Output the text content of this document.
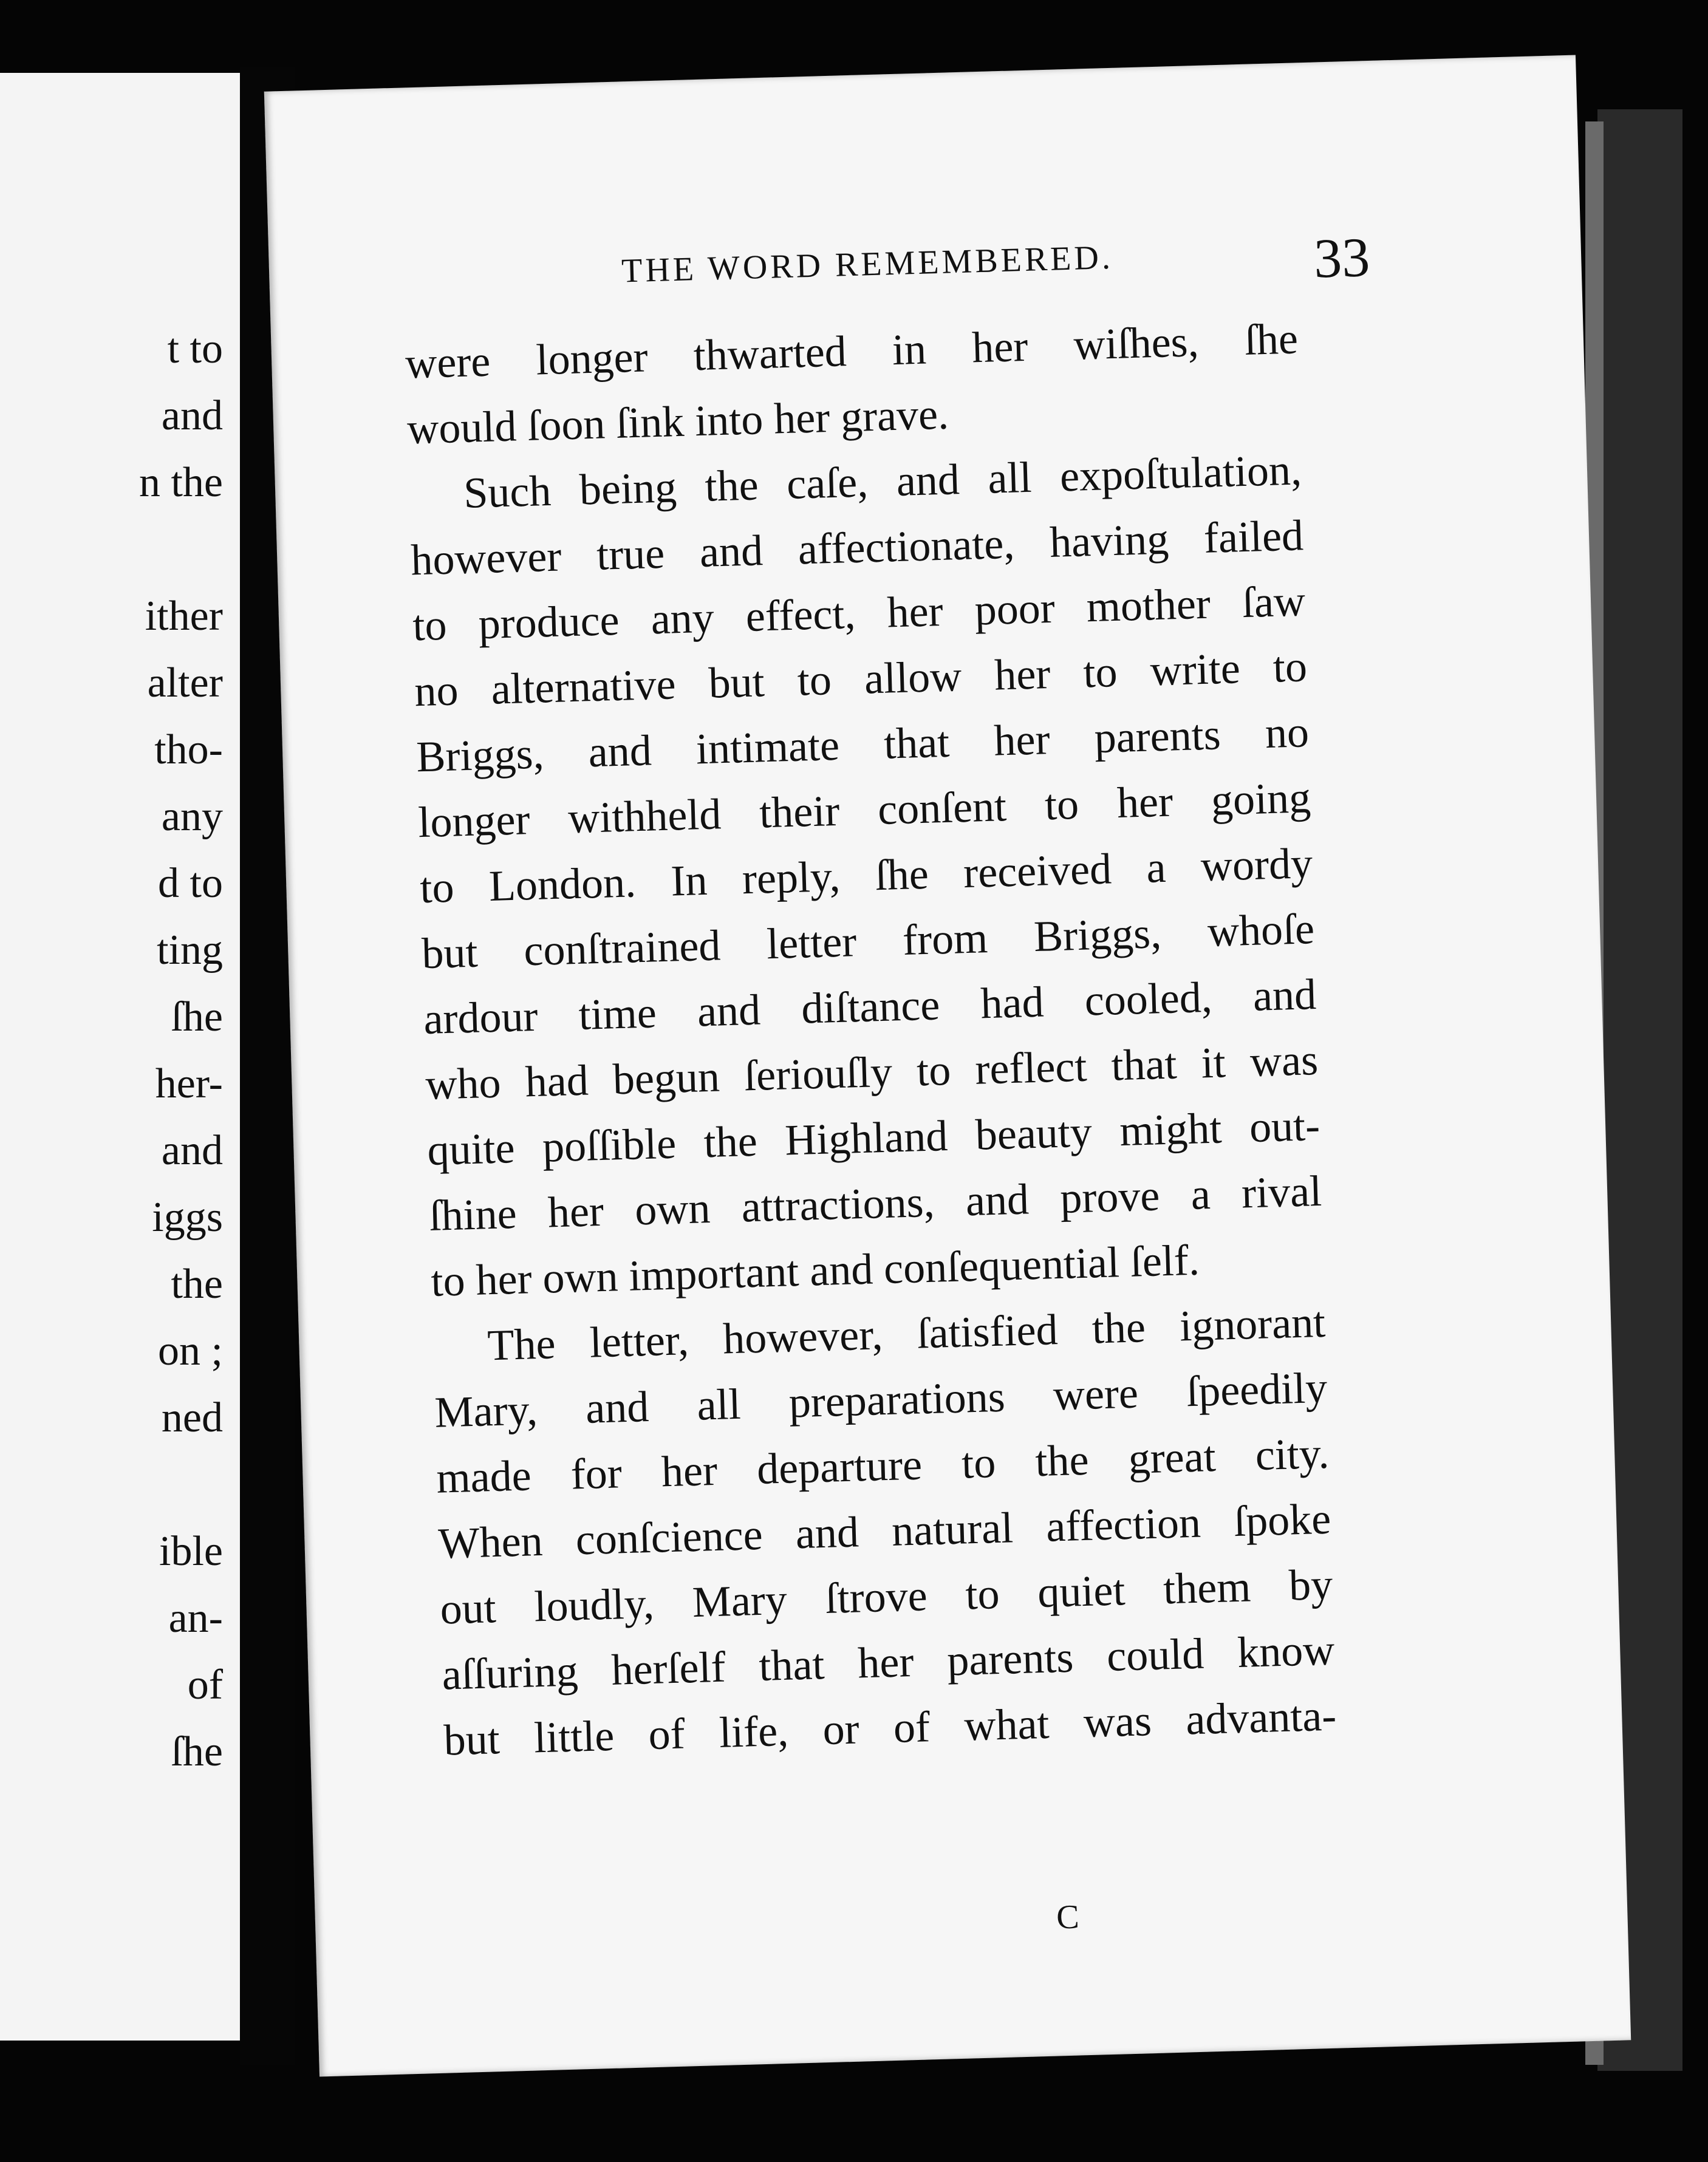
t to
and
n the
ither
alter
tho-
any
d to
ting
ſhe
her-
and
iggs
the
on ;
ned
ible
an-
of
ſhe
THE WORD REMEMBERED.	33
were longer thwarted in her wiſhes, ſhe
would ſoon ſink into her grave.
Such being the caſe, and all expoſtulation,
however true and affectionate, having failed
to produce any effect, her poor mother ſaw
no alternative but to allow her to write to
Briggs, and intimate that her parents no
longer withheld their conſent to her going
to London. In reply, ſhe received a wordy
but conſtrained letter from Briggs, whoſe
ardour time and diſtance had cooled, and
who had begun ſeriouſly to reflect that it was
quite poſſible the Highland beauty might out-
ſhine her own attractions, and prove a rival
to her own important and conſequential ſelf.
The letter, however, ſatisfied the ignorant
Mary, and all preparations were ſpeedily
made for her departure to the great city.
When conſcience and natural affection ſpoke
out loudly, Mary ſtrove to quiet them by
aſſuring herſelf that her parents could know
but little of life, or of what was advanta-
C
